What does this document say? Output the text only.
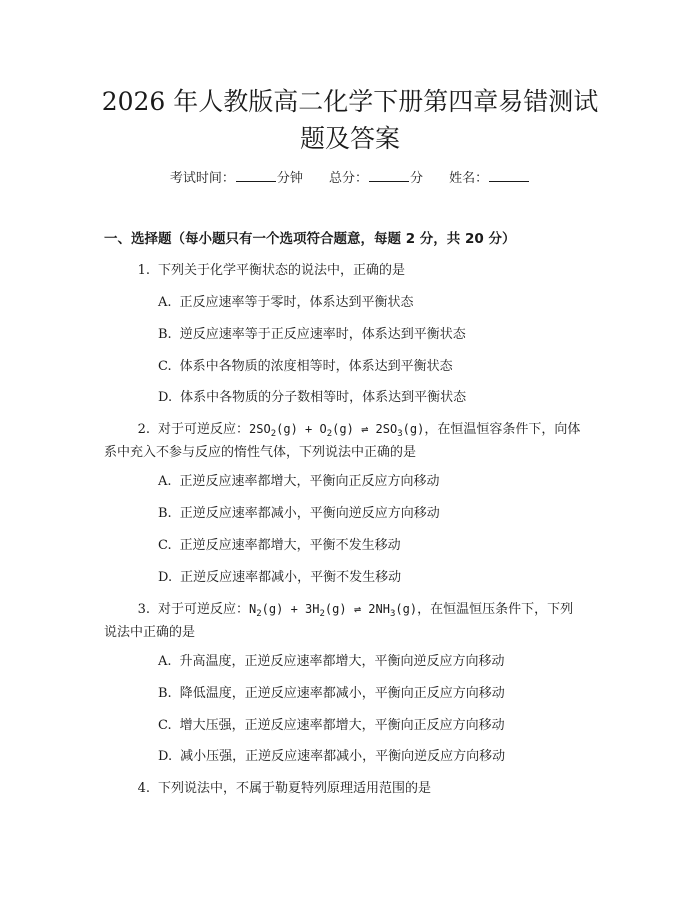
2026 年人教版高二化学下册第四章易错测试
题及答案
考试时间：	分钟 总分：	分 姓名：
一、选择题（每小题只有一个选项符合题意，每题 2 分，共 20 分）
1. 下列关于化学平衡状态的说法中，正确的是
A. 正反应速率等于零时，体系达到平衡状态
B. 逆反应速率等于正反应速率时，体系达到平衡状态
C. 体系中各物质的浓度相等时，体系达到平衡状态
D. 体系中各物质的分子数相等时，体系达到平衡状态
2. 对于可逆反应：$2SO_2(g) + O_2(g)$ ⇌ $2SO_3(g)$，在恒温恒容条件下，向体
系中充入不参与反应的惰性气体，下列说法中正确的是
A. 正逆反应速率都增大，平衡向正反应方向移动
B. 正逆反应速率都减小，平衡向逆反应方向移动
C. 正逆反应速率都增大，平衡不发生移动
D. 正逆反应速率都减小，平衡不发生移动
3. 对于可逆反应：$N_2(g) + 3H_2(g)$ ⇌ $2NH_3(g)$，在恒温恒压条件下，下列
说法中正确的是
A. 升高温度，正逆反应速率都增大，平衡向逆反应方向移动
B. 降低温度，正逆反应速率都减小，平衡向正反应方向移动
C. 增大压强，正逆反应速率都增大，平衡向正反应方向移动
D. 减小压强，正逆反应速率都减小，平衡向逆反应方向移动
4. 下列说法中，不属于勒夏特列原理适用范围的是
